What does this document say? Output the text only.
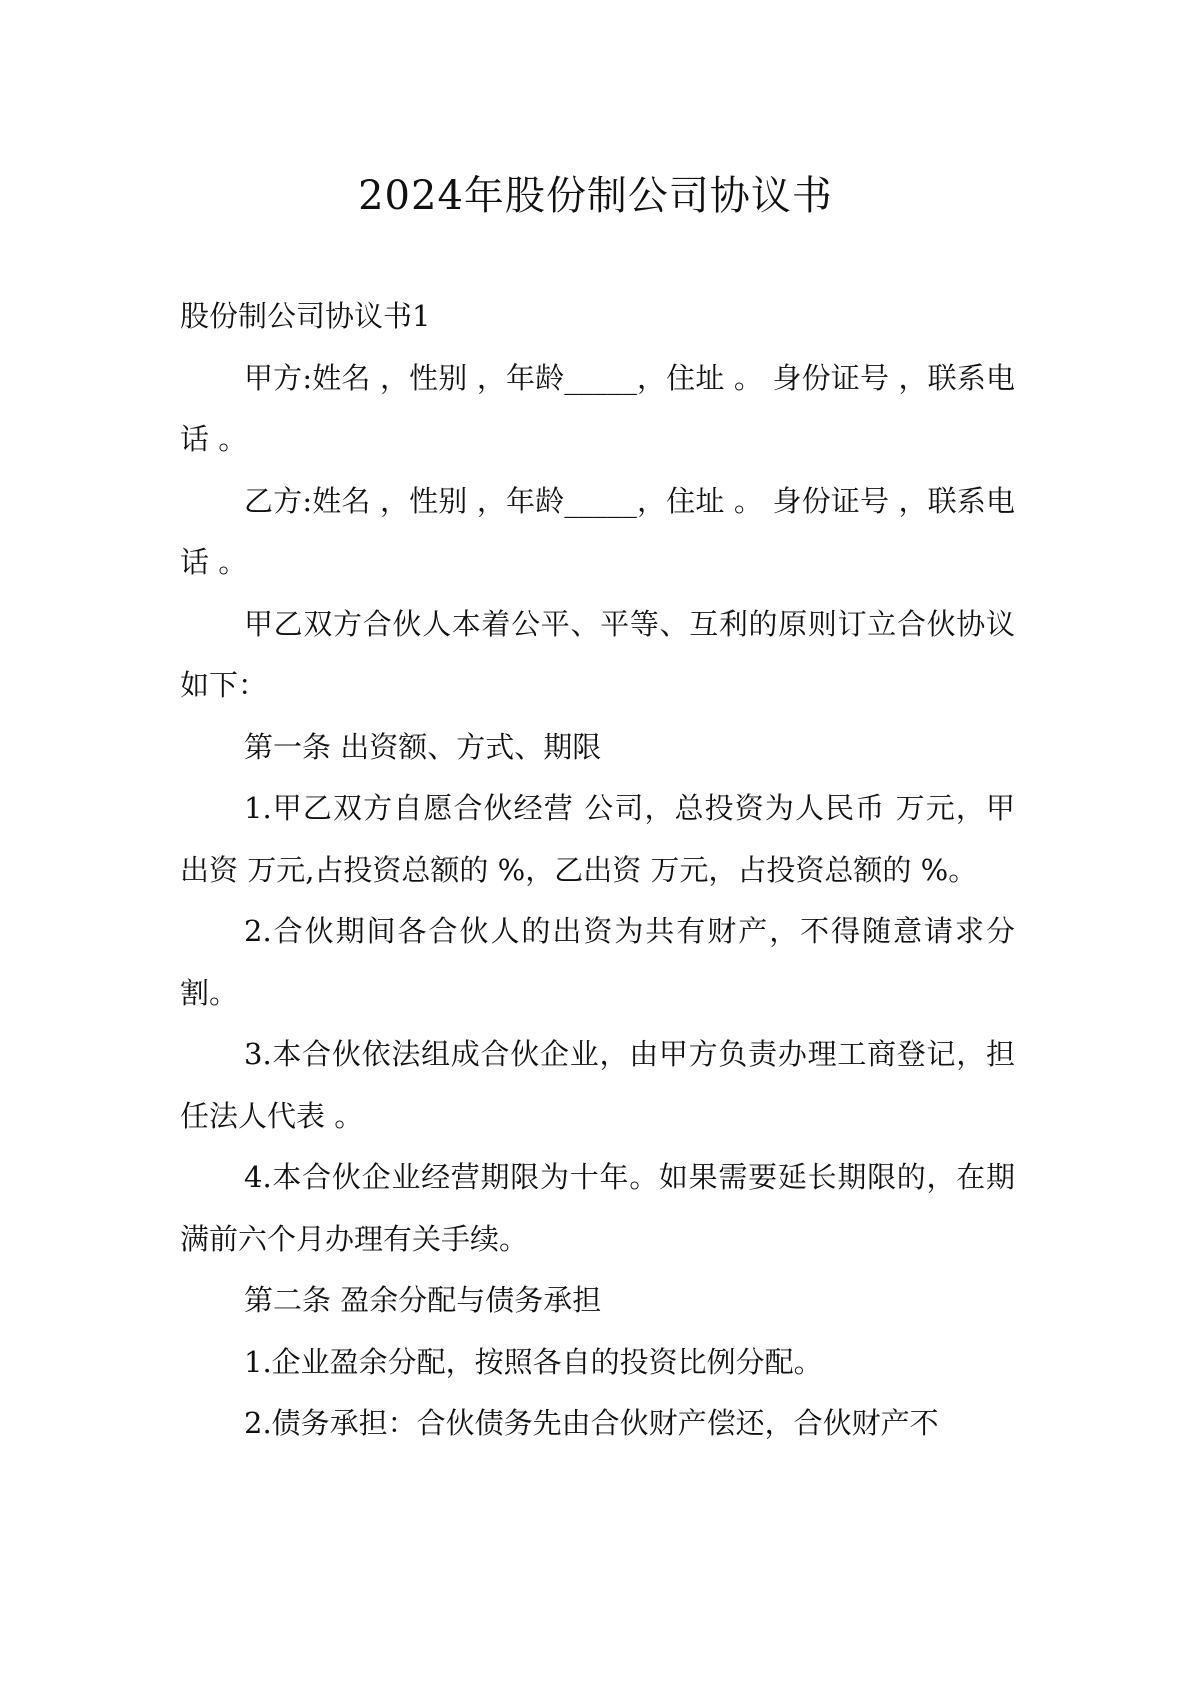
2024年股份制公司协议书

股份制公司协议书1

甲方:姓名 ，性别 ，年龄_____，住址 。 身份证号 ，联系电话 。

乙方:姓名 ，性别 ，年龄_____，住址 。 身份证号 ，联系电话 。

甲乙双方合伙人本着公平、平等、互利的原则订立合伙协议如下：

第一条 出资额、方式、期限

1.甲乙双方自愿合伙经营 公司，总投资为人民币 万元，甲出资 万元,占投资总额的 %，乙出资 万元，占投资总额的 %。

2.合伙期间各合伙人的出资为共有财产，不得随意请求分割。

3.本合伙依法组成合伙企业，由甲方负责办理工商登记，担任法人代表 。

4.本合伙企业经营期限为十年。如果需要延长期限的，在期满前六个月办理有关手续。

第二条 盈余分配与债务承担

1.企业盈余分配，按照各自的投资比例分配。

2.债务承担：合伙债务先由合伙财产偿还，合伙财产不
